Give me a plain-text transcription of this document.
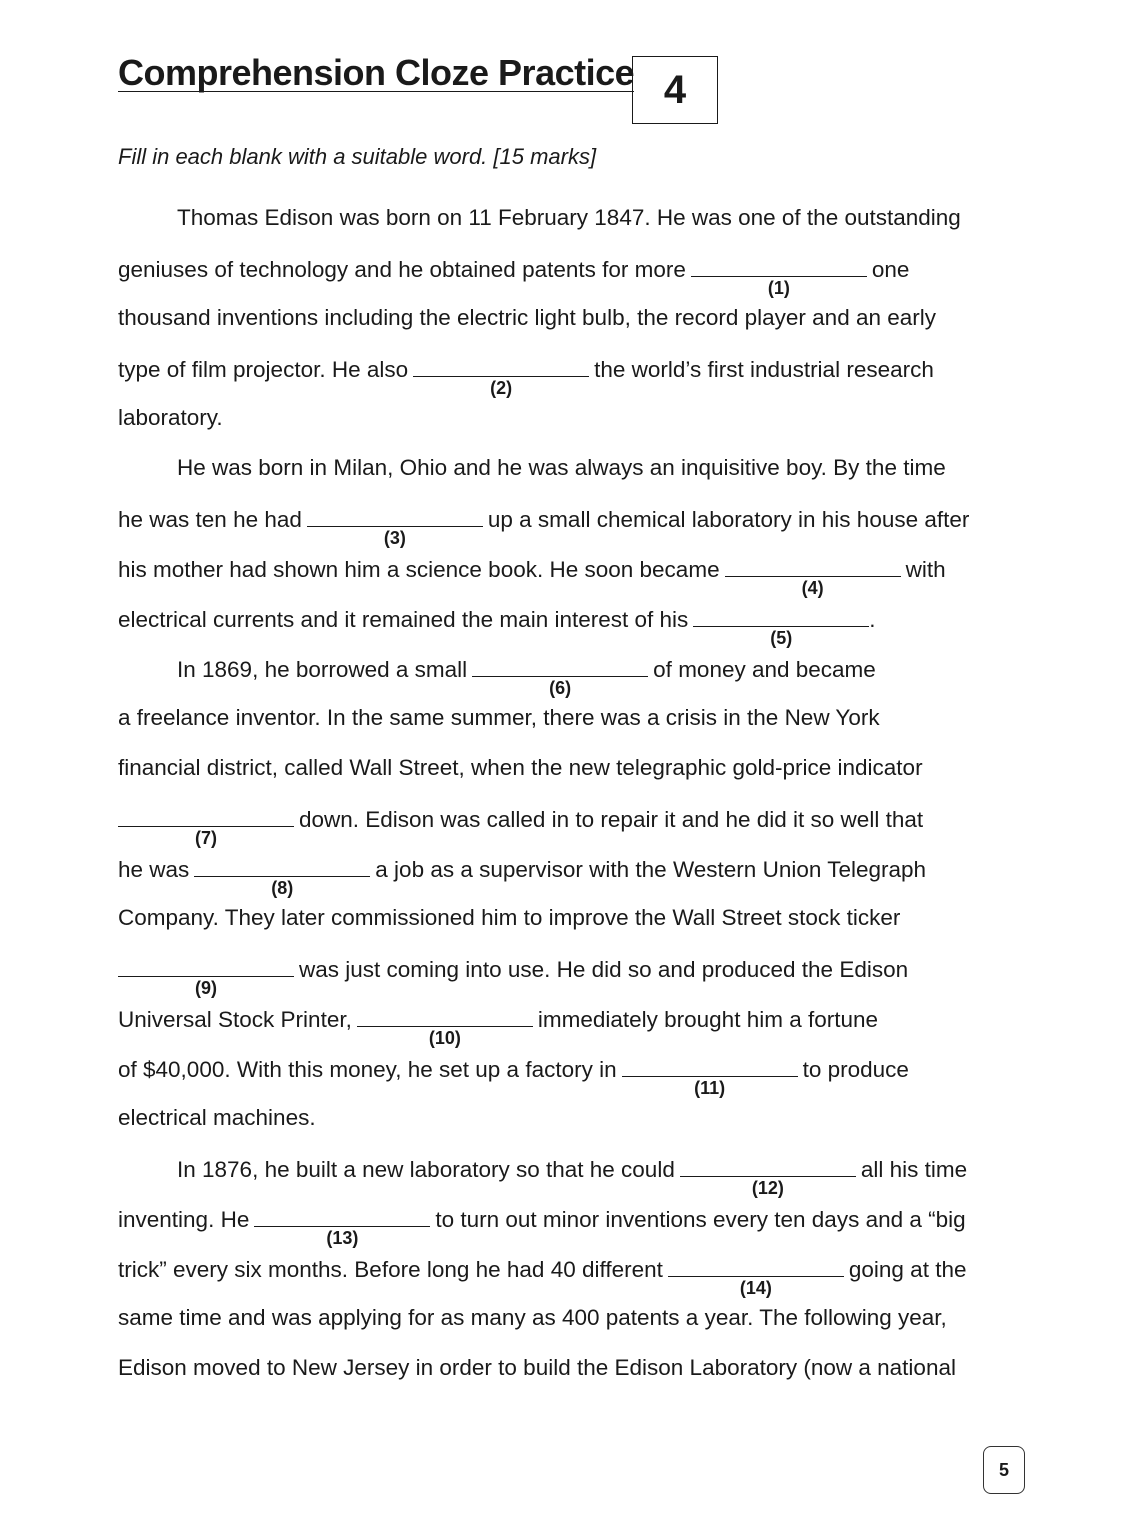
Comprehension Cloze Practice 4
Fill in each blank with a suitable word. [15 marks]
Thomas Edison was born on 11 February 1847. He was one of the outstanding
geniuses of technology and he obtained patents for more
(1)
one
thousand inventions including the electric light bulb, the record player and an early
type of film projector. He also
(2)
the world’s first industrial research
laboratory.
He was born in Milan, Ohio and he was always an inquisitive boy. By the time
he was ten he had
(3)
up a small chemical laboratory in his house after
his mother had shown him a science book. He soon became
(4)
with
electrical currents and it remained the main interest of his
(5)
.
In 1869, he borrowed a small
(6)
of money and became
a freelance inventor. In the same summer, there was a crisis in the New York
financial district, called Wall Street, when the new telegraphic gold-price indicator
(7)
down. Edison was called in to repair it and he did it so well that
he was
(8)
a job as a supervisor with the Western Union Telegraph
Company. They later commissioned him to improve the Wall Street stock ticker
(9)
was just coming into use. He did so and produced the Edison
Universal Stock Printer,
(10)
immediately brought him a fortune
of $40,000. With this money, he set up a factory in
(11)
to produce
electrical machines.
In 1876, he built a new laboratory so that he could
(12)
all his time
inventing. He
(13)
to turn out minor inventions every ten days and a “big
trick” every six months. Before long he had 40 different
(14)
going at the
same time and was applying for as many as 400 patents a year. The following year,
Edison moved to New Jersey in order to build the Edison Laboratory (now a national
5
